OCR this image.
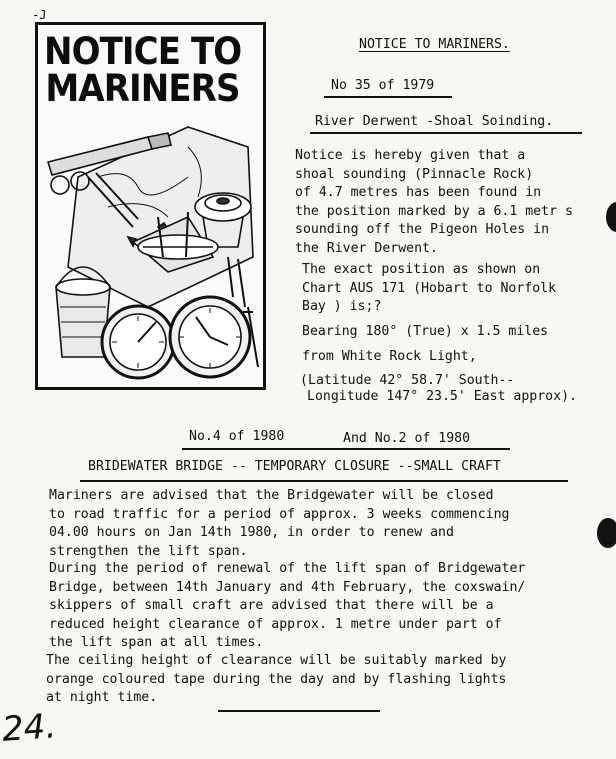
-J
NOTICE TO
MARINERS
NOTICE TO MARINERS.
No 35 of 1979
River Derwent -Shoal Soinding.
Notice is hereby given that a
shoal sounding (Pinnacle Rock)
of 4.7 metres has been found in
the position marked by a 6.1 metr s
sounding off the Pigeon Holes in
the River Derwent.
The exact position as shown on
Chart AUS 171 (Hobart to Norfolk
Bay ) is;?
Bearing 180° (True) x 1.5 miles
from White Rock Light,
(Latitude 42° 58.7' South--
Longitude 147° 23.5' East approx).
No.4 of 1980	And No.2 of 1980
BRIDEWATER BRIDGE -- TEMPORARY CLOSURE --SMALL CRAFT
Mariners are advised that the Bridgewater will be closed
to road traffic for a period of approx. 3 weeks commencing
04.00 hours on Jan 14th 1980, in order to renew and
strengthen the lift span.
During the period of renewal of the lift span of Bridgewater
Bridge, between 14th January and 4th February, the coxswain/
skippers of small craft are advised that there will be a
reduced height clearance of approx. 1 metre under part of
the lift span at all times.
The ceiling height of clearance will be suitably marked by
orange coloured tape during the day and by flashing lights
at night time.
24.
